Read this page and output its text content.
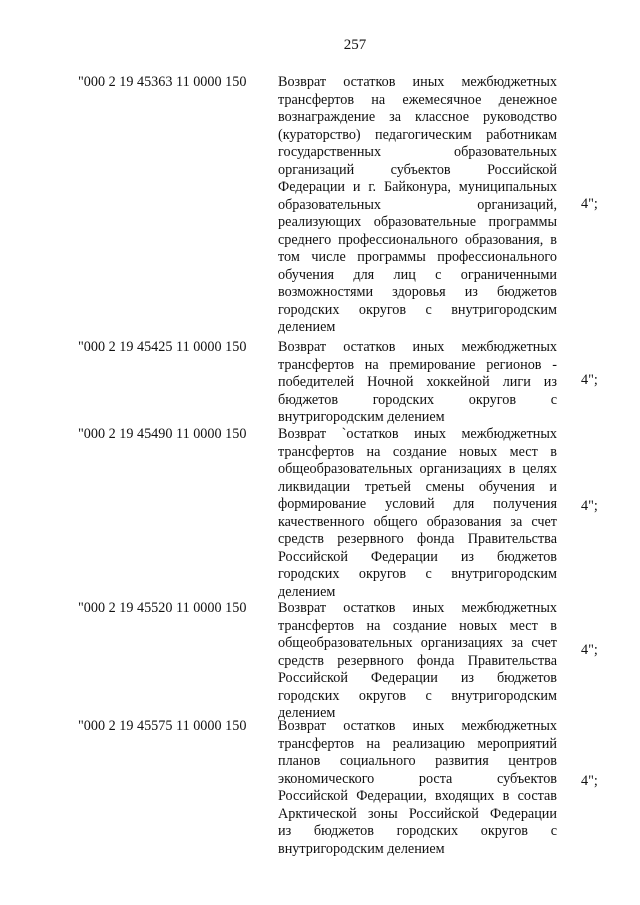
257
"000 2 19 45363 11 0000 150 Возврат остатков иных межбюджетных
трансфертов на ежемесячное денежное
вознаграждение за классное руководство
(кураторство) педагогическим работникам
государственных образовательных
организаций субъектов Российской
Федерации и г. Байконура, муниципальных
образовательных организаций,
реализующих образовательные программы
среднего профессионального образования, в
том числе программы профессионального
обучения для лиц с ограниченными
возможностями здоровья из бюджетов
городских округов с внутригородским
делением
4";
"000 2 19 45425 11 0000 150 Возврат остатков иных межбюджетных
трансфертов на премирование регионов -
победителей Ночной хоккейной лиги из
бюджетов городских округов с
внутригородским делением
4";
"000 2 19 45490 11 0000 150 Возврат `остатков иных межбюджетных
трансфертов на создание новых мест в
общеобразовательных организациях в целях
ликвидации третьей смены обучения и
формирование условий для получения
качественного общего образования за счет
средств резервного фонда Правительства
Российской Федерации из бюджетов
городских округов с внутригородским
делением
4";
"000 2 19 45520 11 0000 150 Возврат остатков иных межбюджетных
трансфертов на создание новых мест в
общеобразовательных организациях за счет
средств резервного фонда Правительства
Российской Федерации из бюджетов
городских округов с внутригородским
делением
4";
"000 2 19 45575 11 0000 150 Возврат остатков иных межбюджетных
трансфертов на реализацию мероприятий
планов социального развития центров
экономического роста субъектов
Российской Федерации, входящих в состав
Арктической зоны Российской Федерации
из бюджетов городских округов с
внутригородским делением
4";
